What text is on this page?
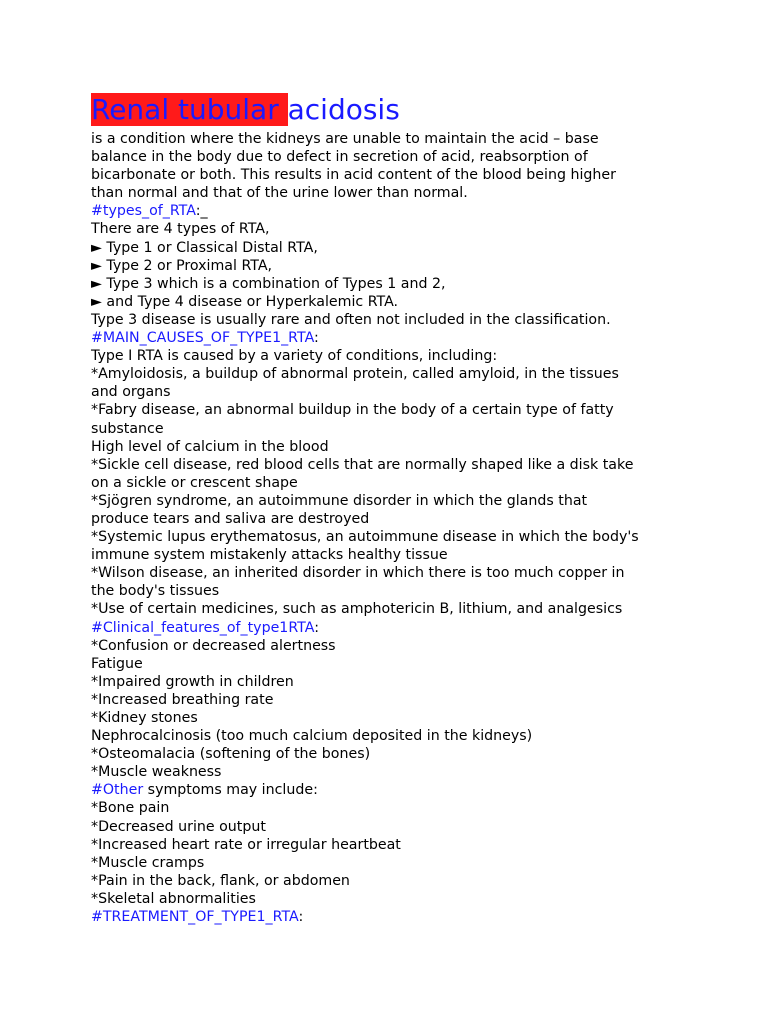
Renal tubular acidosis
is a condition where the kidneys are unable to maintain the acid – base
balance in the body due to defect in secretion of acid, reabsorption of
bicarbonate or both. This results in acid content of the blood being higher
than normal and that of the urine lower than normal.
#types_of_RTA:_
There are 4 types of RTA,
► Type 1 or Classical Distal RTA,
► Type 2 or Proximal RTA,
► Type 3 which is a combination of Types 1 and 2,
► and Type 4 disease or Hyperkalemic RTA.
Type 3 disease is usually rare and often not included in the classification.
#MAIN_CAUSES_OF_TYPE1_RTA:
Type I RTA is caused by a variety of conditions, including:
*Amyloidosis, a buildup of abnormal protein, called amyloid, in the tissues
and organs
*Fabry disease, an abnormal buildup in the body of a certain type of fatty
substance
High level of calcium in the blood
*Sickle cell disease, red blood cells that are normally shaped like a disk take
on a sickle or crescent shape
*Sjögren syndrome, an autoimmune disorder in which the glands that
produce tears and saliva are destroyed
*Systemic lupus erythematosus, an autoimmune disease in which the body's
immune system mistakenly attacks healthy tissue
*Wilson disease, an inherited disorder in which there is too much copper in
the body's tissues
*Use of certain medicines, such as amphotericin B, lithium, and analgesics
#Clinical_features_of_type1RTA:
*Confusion or decreased alertness
Fatigue
*Impaired growth in children
*Increased breathing rate
*Kidney stones
Nephrocalcinosis (too much calcium deposited in the kidneys)
*Osteomalacia (softening of the bones)
*Muscle weakness
#Other symptoms may include:
*Bone pain
*Decreased urine output
*Increased heart rate or irregular heartbeat
*Muscle cramps
*Pain in the back, flank, or abdomen
*Skeletal abnormalities
#TREATMENT_OF_TYPE1_RTA:
